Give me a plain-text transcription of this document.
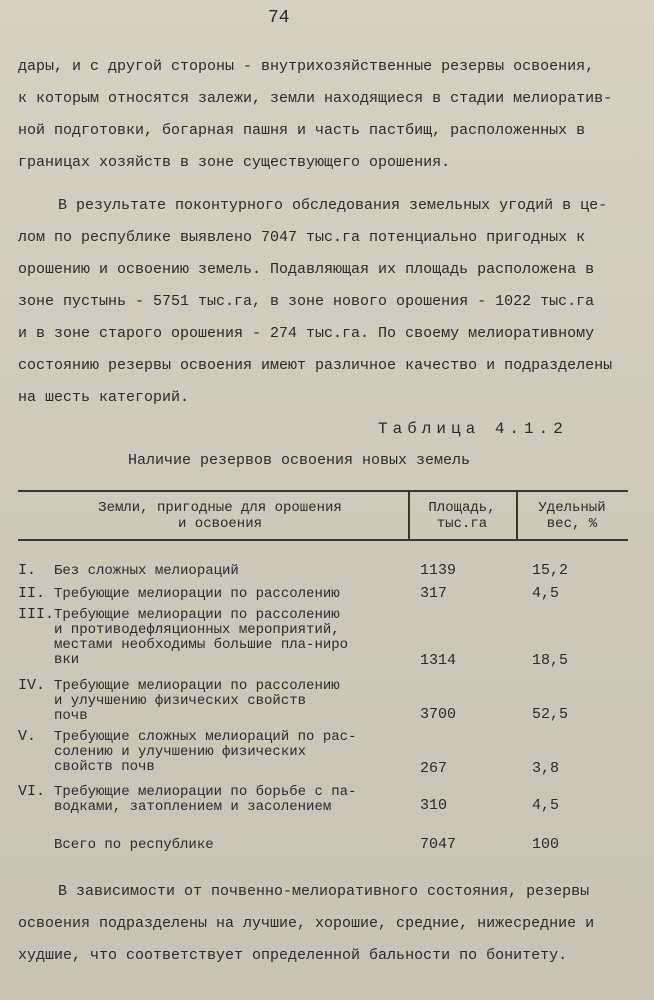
74
дары, и с другой стороны - внутрихозяйственные резервы освоения,
к которым относятся залежи, земли находящиеся в стадии мелиоратив-
ной подготовки, богарная пашня и часть пастбищ, расположенных в
границах хозяйств в зоне существующего орошения.
В результате поконтурного обследования земельных угодий в це-
лом по республике выявлено 7047 тыс.га потенциально пригодных к
орошению и освоению земель. Подавляющая их площадь расположена в
зоне пустынь - 5751 тыс.га, в зоне нового орошения - 1022 тыс.га
и в зоне старого орошения - 274 тыс.га. По своему мелиоративному
состоянию резервы освоения имеют различное качество и подразделены
на шесть категорий.
Таблица 4.1.2
Наличие резервов освоения новых земель
Земли, пригодные для орошения
и освоения
Площадь,
тыс.га
Удельный
вес, %
I. Без сложных мелиораций	1139	15,2
II. Требующие мелиорации по рассолению	317	4,5
III. Требующие мелиорации по рассолению
и противодефляционных мероприятий,
местами необходимы большие пла-ниро
вки	1314	18,5
IV. Требующие мелиорации по рассолению
и улучшению физических свойств
почв	3700	52,5
V. Требующие сложных мелиораций по рас-
солению и улучшению физических
свойств почв	267	3,8
VI. Требующие мелиорации по борьбе с па-
водками, затоплением и засолением	310	4,5
Всего по республике	7047	100
В зависимости от почвенно-мелиоративного состояния, резервы
освоения подразделены на лучшие, хорошие, средние, нижесредние и
худшие, что соответствует определенной бальности по бонитету.
